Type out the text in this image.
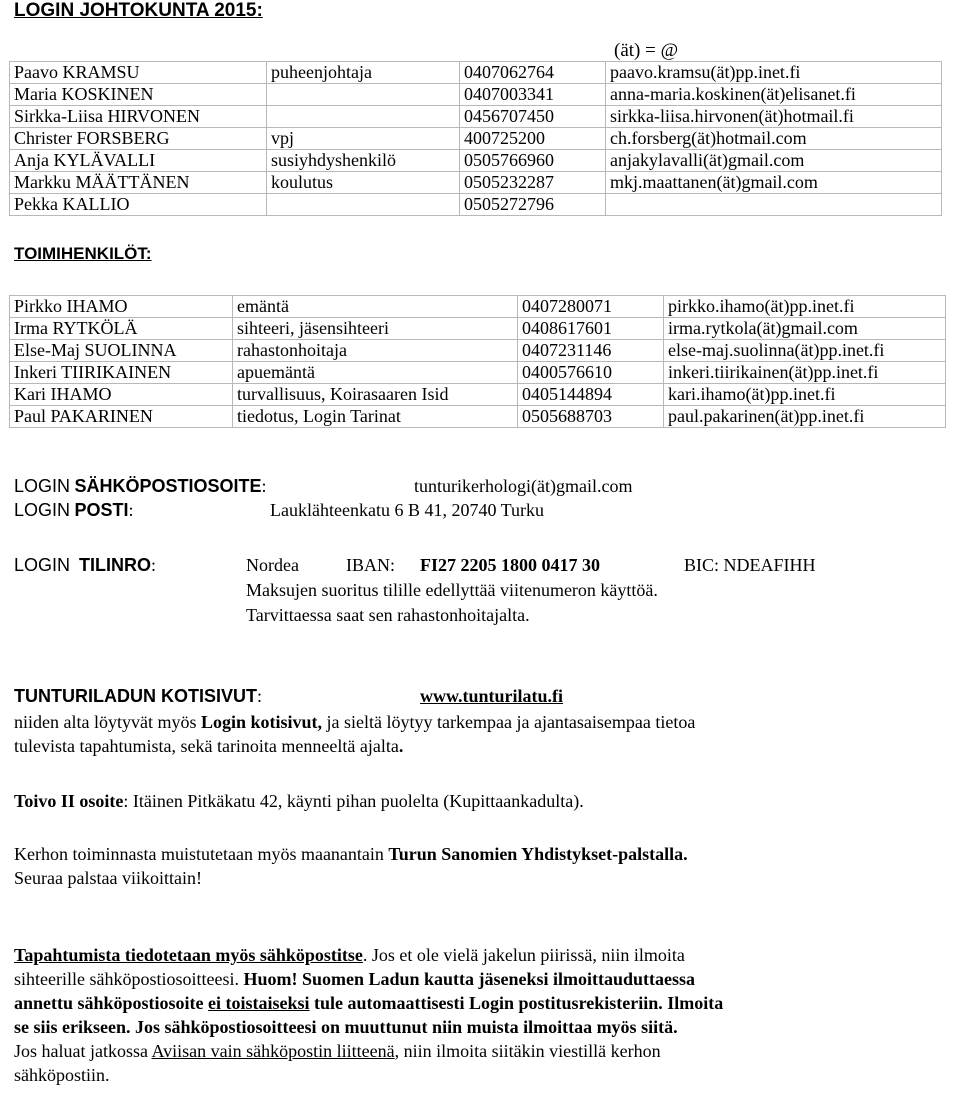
LOGIN JOHTOKUNTA 2015:
(ät) = @
Paavo KRAMSU	puheenjohtaja	0407062764	paavo.kramsu(ät)pp.inet.fi
Maria KOSKINEN		0407003341	anna-maria.koskinen(ät)elisanet.fi
Sirkka-Liisa HIRVONEN		0456707450	sirkka-liisa.hirvonen(ät)hotmail.fi
Christer FORSBERG	vpj	400725200	ch.forsberg(ät)hotmail.com
Anja KYLÄVALLI	susiyhdyshenkilö	0505766960	anjakylavalli(ät)gmail.com
Markku MÄÄTTÄNEN	koulutus	0505232287	mkj.maattanen(ät)gmail.com
Pekka KALLIO		0505272796	
TOIMIHENKILÖT:
Pirkko IHAMO	emäntä	0407280071	pirkko.ihamo(ät)pp.inet.fi
Irma RYTKÖLÄ	sihteeri, jäsensihteeri	0408617601	irma.rytkola(ät)gmail.com
Else-Maj SUOLINNA	rahastonhoitaja	0407231146	else-maj.suolinna(ät)pp.inet.fi
Inkeri TIIRIKAINEN	apuemäntä	0400576610	inkeri.tiirikainen(ät)pp.inet.fi
Kari IHAMO	turvallisuus, Koirasaaren Isid	0405144894	kari.ihamo(ät)pp.inet.fi
Paul PAKARINEN	tiedotus, Login Tarinat	0505688703	paul.pakarinen(ät)pp.inet.fi
LOGIN SÄHKÖPOSTIOSOITE:	tunturikerhologi(ät)gmail.com
LOGIN POSTI:	Lauklähteenkatu 6 B 41, 20740 Turku
LOGIN TILINRO:	Nordea	IBAN: FI27 2205 1800 0417 30	BIC: NDEAFIHH
Maksujen suoritus tilille edellyttää viitenumeron käyttöä.
Tarvittaessa saat sen rahastonhoitajalta.
TUNTURILADUN KOTISIVUT:	www.tunturilatu.fi

niiden alta löytyvät myös Login kotisivut, ja sieltä löytyy tarkempaa ja ajantasaisempaa tietoa

tulevista tapahtumista, sekä tarinoita menneeltä ajalta.

Toivo II osoite: Itäinen Pitkäkatu 42, käynti pihan puolelta (Kupittaankadulta).

Kerhon toiminnasta muistutetaan myös maanantain Turun Sanomien Yhdistykset-palstalla.

Seuraa palstaa viikoittain!

Tapahtumista tiedotetaan myös sähköpostitse. Jos et ole vielä jakelun piirissä, niin ilmoita

sihteerille sähköpostiosoitteesi. Huom! Suomen Ladun kautta jäseneksi ilmoittauduttaessa

annettu sähköpostiosoite ei toistaiseksi tule automaattisesti Login postitusrekisteriin. Ilmoita

se siis erikseen. Jos sähköpostiosoitteesi on muuttunut niin muista ilmoittaa myös siitä.

Jos haluat jatkossa Aviisan vain sähköpostin liitteenä, niin ilmoita siitäkin viestillä kerhon

sähköpostiin.
